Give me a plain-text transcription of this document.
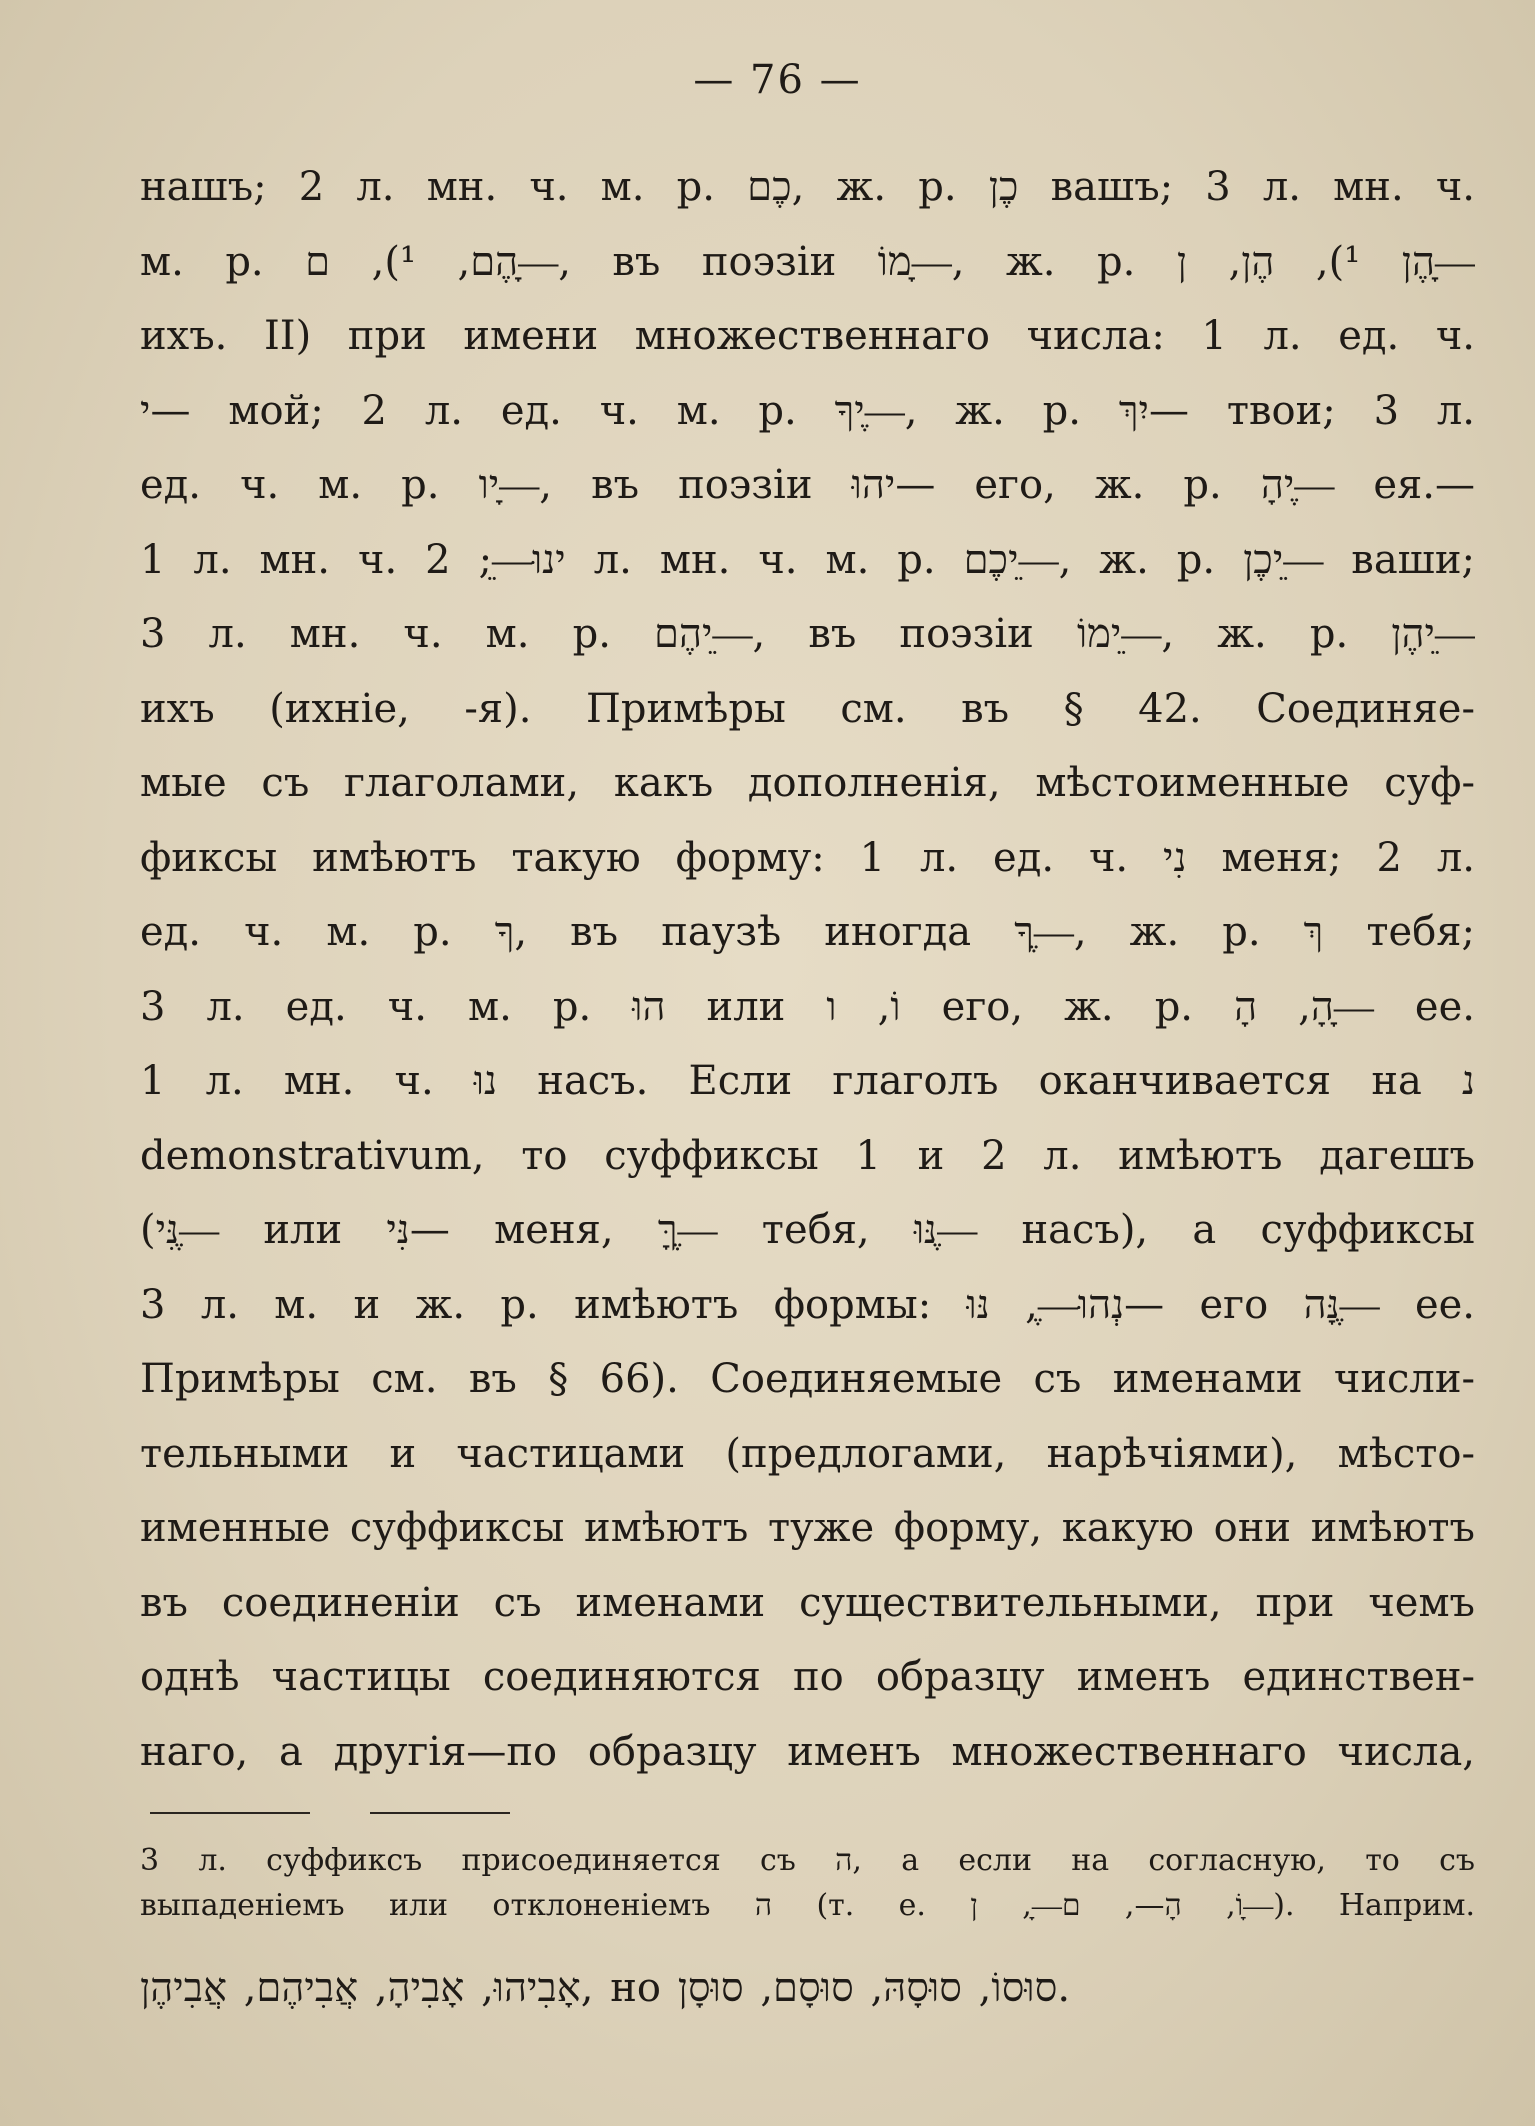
— 76 —
нашъ; 2 л. мн. ч. м. р. כֶם, ж. р. כֶן вашъ; 3 л. мн. ч.
м. р. הֶם, ¹), ם—ָ, въ поэзіи מוֹ—ָ, ж. р. הֶן ¹), הֶן, ן—ָ
ихъ. II) при имени множественнаго числа: 1 л. ед. ч.
י— мой; 2 л. ед. ч. м. р. יךָ—ֶ, ж. р. יִךְ— твои; 3 л.
ед. ч. м. р. יו—ָ, въ поэзіи יהוּ— его, ж. р. יהָ—ֶ ея.—
1 л. мн. ч. ינוּ—ֵ; 2 л. мн. ч. м. р. יכֶם—ֵ, ж. р. יכֶן—ֵ ваши;
3 л. мн. ч. м. р. יהֶם—ֵ, въ поэзіи ימוֹ—ֵ, ж. р. יהֶן—ֵ
ихъ (ихніе, -я). Примѣры см. въ § 42. Соединяе-
мые съ глаголами, какъ дополненія, мѣстоименные суф-
фиксы имѣютъ такую форму: 1 л. ед. ч. נִי меня; 2 л.
ед. ч. м. р. ךָ, въ паузѣ иногда ךָ—ֶ, ж. р. ךְ тебя;
3 л. ед. ч. м. р. הוּ или וֹ, ו его, ж. р. הָ, הָ—ָ ее.
1 л. мн. ч. נוּ насъ. Если глаголъ оканчивается на נ
demonstrativum, то суффиксы 1 и 2 л. имѣютъ дагешъ
(נִּי—ֶ или נִּי— меня, ךָּ—ֶ тебя, נּוּ—ֶ насъ), а суффиксы
3 л. м. и ж. р. имѣютъ формы: נְהוּ—ֶ, נּוּ— его נָּה—ֶ ее.
Примѣры см. въ § 66). Соединяемые съ именами числи-
тельными и частицами (предлогами, нарѣчіями), мѣсто-
именные суффиксы имѣютъ туже форму, какую они имѣютъ
въ соединеніи съ именами существительными, при чемъ
однѣ частицы соединяются по образцу именъ единствен-
наго, а другія—по образцу именъ множественнаго числа,
3 л. суффиксъ присоединяется съ ה, а если на согласную, то съ
выпаденіемъ или отклоненіемъ ה (т. е. וֹ, הָ—, ם—ָ, ן—ָ). Наприм.
אָבִיהוּ, אָבִיהָ, אֲבִיהֶם, אֲבִיהֶן, но סוּסוֹ, סוּסָהּ, סוּסָם, סוּסָן.
